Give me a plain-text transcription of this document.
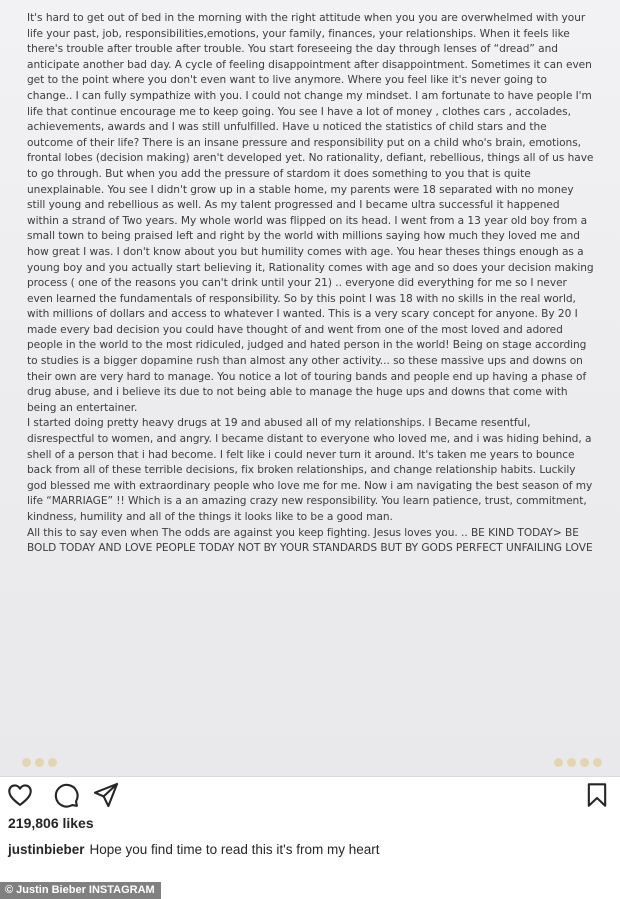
It's hard to get out of bed in the morning with the right attitude when you you are overwhelmed with your life your past, job, responsibilities,emotions, your family, finances, your relationships. When it feels like there's trouble after trouble after trouble. You start foreseeing the day through lenses of “dread” and anticipate another bad day. A cycle of feeling disappointment after disappointment. Sometimes it can even get to the point where you don't even want to live anymore. Where you feel like it's never going to change.. I can fully sympathize with you. I could not change my mindset. I am fortunate to have people I'm life that continue encourage me to keep going. You see I have a lot of money , clothes cars , accolades, achievements, awards and I was still unfulfilled. Have u noticed the statistics of child stars and the outcome of their life? There is an insane pressure and responsibility put on a child who's brain, emotions, frontal lobes (decision making) aren't developed yet. No rationality, defiant, rebellious, things all of us have to go through. But when you add the pressure of stardom it does something to you that is quite unexplainable. You see I didn't grow up in a stable home, my parents were 18 separated with no money still young and rebellious as well. As my talent progressed and I became ultra successful it happened within a strand of Two years. My whole world was flipped on its head. I went from a 13 year old boy from a small town to being praised left and right by the world with millions saying how much they loved me and how great I was. I don't know about you but humility comes with age. You hear theses things enough as a young boy and you actually start believing it, Rationality comes with age and so does your decision making process ( one of the reasons you can't drink until your 21) .. everyone did everything for me so I never even learned the fundamentals of responsibility. So by this point I was 18 with no skills in the real world, with millions of dollars and access to whatever I wanted. This is a very scary concept for anyone. By 20 I made every bad decision you could have thought of and went from one of the most loved and adored people in the world to the most ridiculed, judged and hated person in the world! Being on stage according to studies is a bigger dopamine rush than almost any other activity... so these massive ups and downs on their own are very hard to manage. You notice a lot of touring bands and people end up having a phase of drug abuse, and i believe its due to not being able to manage the huge ups and downs that come with being an entertainer.
I started doing pretty heavy drugs at 19 and abused all of my relationships. I Became resentful, disrespectful to women, and angry. I became distant to everyone who loved me, and i was hiding behind, a shell of a person that i had become. I felt like i could never turn it around. It's taken me years to bounce back from all of these terrible decisions, fix broken relationships, and change relationship habits. Luckily god blessed me with extraordinary people who love me for me. Now i am navigating the best season of my life “MARRIAGE” !! Which is a an amazing crazy new responsibility. You learn patience, trust, commitment, kindness, humility and all of the things it looks like to be a good man.
All this to say even when The odds are against you keep fighting. Jesus loves you. .. BE KIND TODAY> BE BOLD TODAY AND LOVE PEOPLE TODAY NOT BY YOUR STANDARDS BUT BY GODS PERFECT UNFAILING LOVE

219,806 likes
justinbieber Hope you find time to read this it's from my heart
© Justin Bieber INSTAGRAM
